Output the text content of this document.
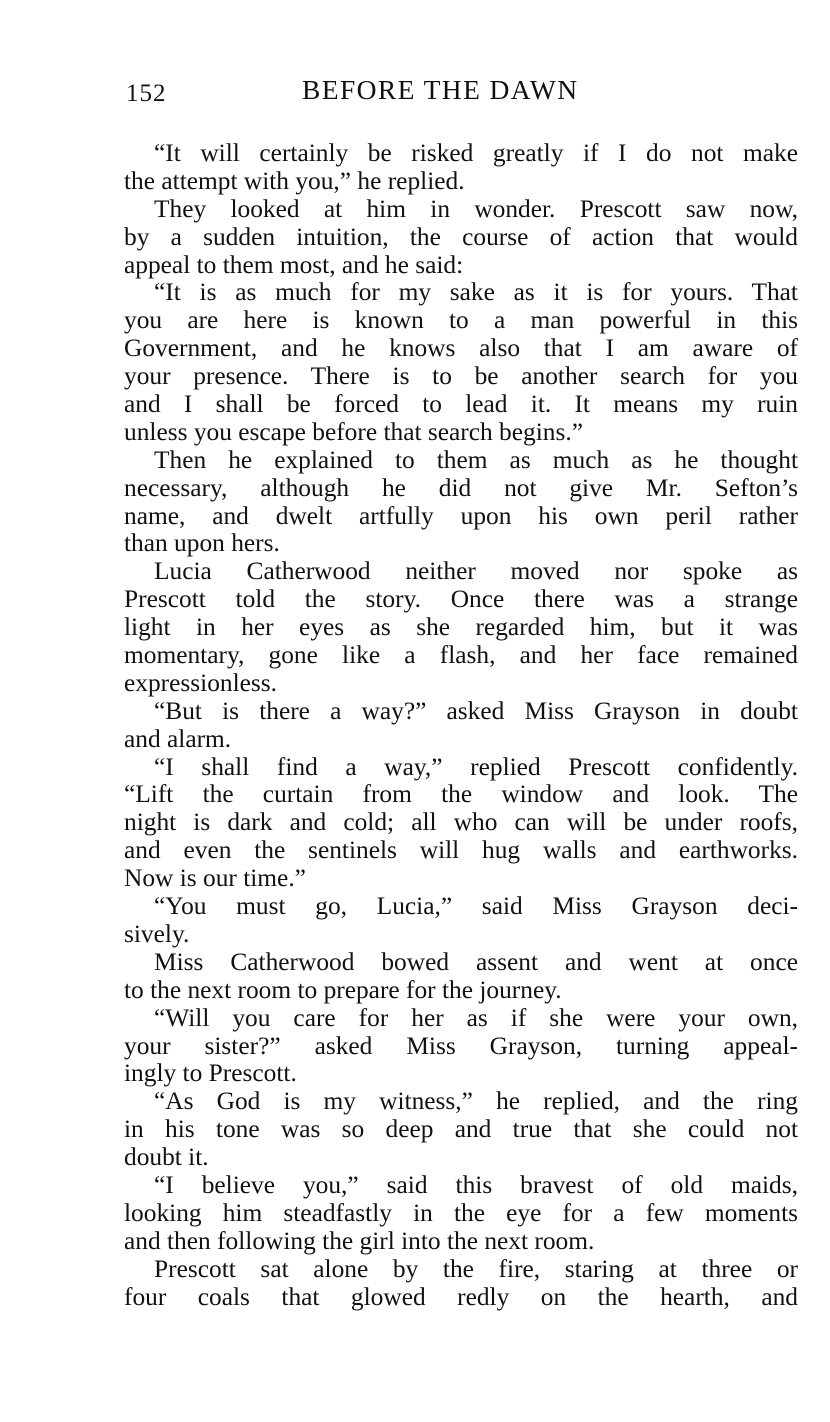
152	BEFORE THE DAWN
“It will certainly be risked greatly if I do not make
the attempt with you,” he replied.
They looked at him in wonder. Prescott saw now,
by a sudden intuition, the course of action that would
appeal to them most, and he said:
“It is as much for my sake as it is for yours. That
you are here is known to a man powerful in this
Government, and he knows also that I am aware of
your presence. There is to be another search for you
and I shall be forced to lead it. It means my ruin
unless you escape before that search begins.”
Then he explained to them as much as he thought
necessary, although he did not give Mr. Sefton’s
name, and dwelt artfully upon his own peril rather
than upon hers.
Lucia Catherwood neither moved nor spoke as
Prescott told the story. Once there was a strange
light in her eyes as she regarded him, but it was
momentary, gone like a flash, and her face remained
expressionless.
“But is there a way?” asked Miss Grayson in doubt
and alarm.
“I shall find a way,” replied Prescott confidently.
“Lift the curtain from the window and look. The
night is dark and cold; all who can will be under roofs,
and even the sentinels will hug walls and earthworks.
Now is our time.”
“You must go, Lucia,” said Miss Grayson deci-
sively.
Miss Catherwood bowed assent and went at once
to the next room to prepare for the journey.
“Will you care for her as if she were your own,
your sister?” asked Miss Grayson, turning appeal-
ingly to Prescott.
“As God is my witness,” he replied, and the ring
in his tone was so deep and true that she could not
doubt it.
“I believe you,” said this bravest of old maids,
looking him steadfastly in the eye for a few moments
and then following the girl into the next room.
Prescott sat alone by the fire, staring at three or
four coals that glowed redly on the hearth, and
